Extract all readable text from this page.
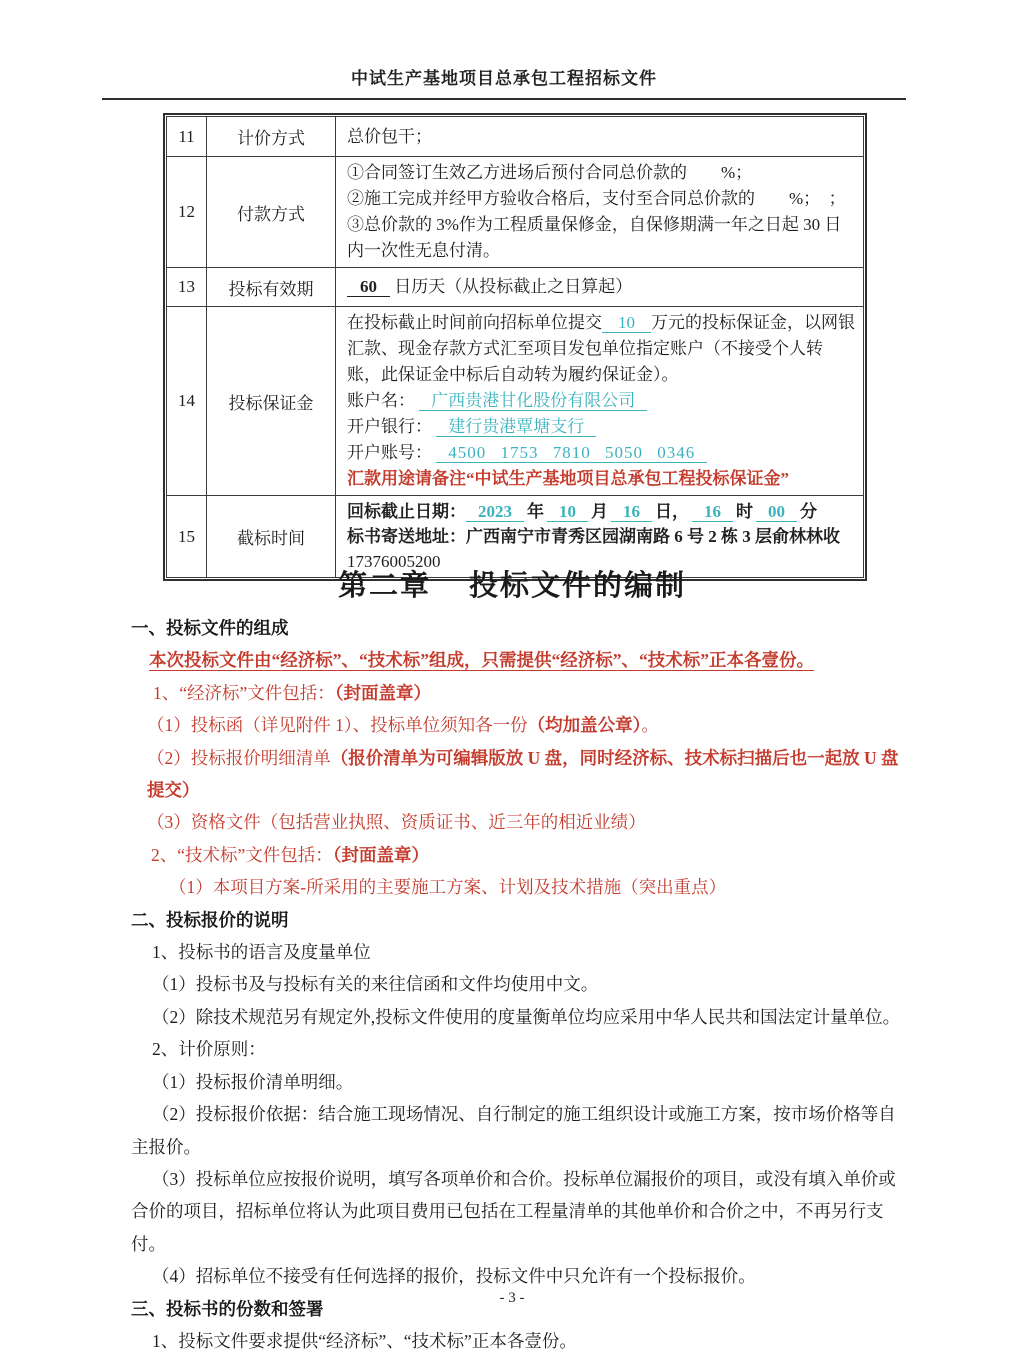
中试生产基地项目总承包工程招标文件
11	计价方式	总价包干；
12	付款方式	①合同签订生效乙方进场后预付合同总价款的　　%；

②施工完成并经甲方验收合格后，支付至合同总价款的　　%；　；

③总价款的 3%作为工程质量保修金，自保修期满一年之日起 30 日内一次性无息付清。

13	投标有效期	60 日历天（从投标截止之日算起）
14	投标保证金	在投标截止时间前向招标单位提交 10 万元的投标保证金，以网银汇款、现金存款方式汇至项目发包单位指定账户（不接受个人转账，此保证金中标后自动转为履约保证金）。

账户名： 广西贵港甘化股份有限公司

开户银行： 建行贵港覃塘支行

开户账号： 4500 1753 7810 5050 0346

汇款用途请备注“中试生产基地项目总承包工程投标保证金”

15	截标时间	回标截止日期： 2023 年 10 月 16 日， 16 时 00 分

标书寄送地址：广西南宁市青秀区园湖南路 6 号 2 栋 3 层俞林林收

17376005200

第二章 投标文件的编制

一、投标文件的组成

本次投标文件由“经济标”、“技术标”组成，只需提供“经济标”、“技术标”正本各壹份。

1、“经济标”文件包括：（封面盖章）

（1）投标函（详见附件 1）、投标单位须知各一份（均加盖公章）。

（2）投标报价明细清单（报价清单为可编辑版放 U 盘，同时经济标、技术标扫描后也一起放 U 盘提交）

（3）资格文件（包括营业执照、资质证书、近三年的相近业绩）

2、“技术标”文件包括：（封面盖章）

（1）本项目方案-所采用的主要施工方案、计划及技术措施（突出重点）

二、投标报价的说明

1、投标书的语言及度量单位

（1）投标书及与投标有关的来往信函和文件均使用中文。

（2）除技术规范另有规定外,投标文件使用的度量衡单位均应采用中华人民共和国法定计量单位。

2、计价原则：

（1）投标报价清单明细。

（2）投标报价依据：结合施工现场情况、自行制定的施工组织设计或施工方案，按市场价格等自主报价。

（3）投标单位应按报价说明，填写各项单价和合价。投标单位漏报价的项目，或没有填入单价或合价的项目，招标单位将认为此项目费用已包括在工程量清单的其他单价和合价之中，不再另行支付。

（4）招标单位不接受有任何选择的报价，投标文件中只允许有一个投标报价。

三、投标书的份数和签署

1、投标文件要求提供“经济标”、“技术标”正本各壹份。

- 3 -
